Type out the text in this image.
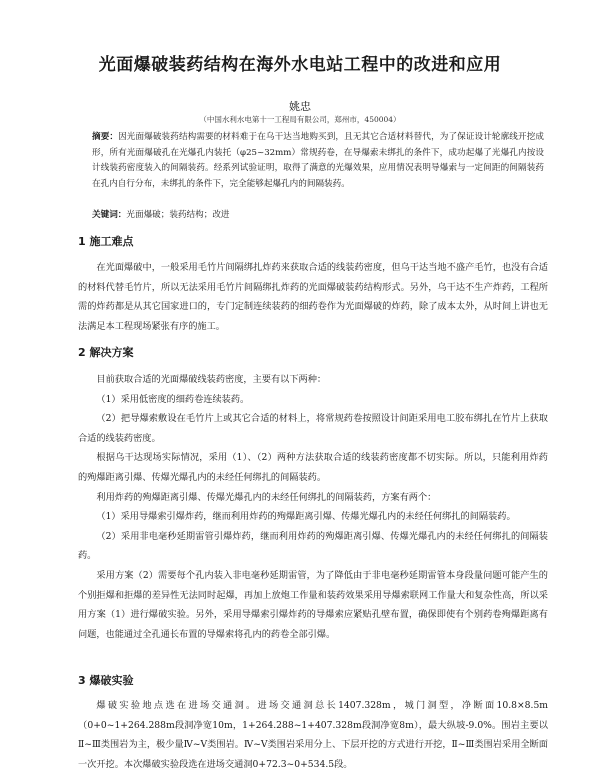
光面爆破装药结构在海外水电站工程中的改进和应用
姚忠
（中国水利水电第十一工程局有限公司，郑州市，450004）
摘要：因光面爆破装药结构需要的材料难于在乌干达当地购买到，且无其它合适材料替代，为了保证设计轮廓线开挖成形，所有光面爆破孔在光爆孔内装托（φ25~32mm）常规药卷，在导爆索未绑扎的条件下，成功起爆了光爆孔内按设计线装药密度装入的间隔装药。经系列试验证明，取得了满意的光爆效果，应用情况表明导爆索与一定间距的间隔装药在孔内自行分布，未绑扎的条件下，完全能够起爆孔内的间隔装药。
关键词：光面爆破；装药结构；改进
1 施工难点

在光面爆破中，一般采用毛竹片间隔绑扎炸药来获取合适的线装药密度，但乌干达当地不盛产毛竹，也没有合适的材料代替毛竹片，所以无法采用毛竹片间隔绑扎炸药的光面爆破装药结构形式。另外，乌干达不生产炸药，工程所需的炸药都是从其它国家进口的，专门定制连续装药的细药卷作为光面爆破的炸药，除了成本太外，从时间上讲也无法满足本工程现场紧张有序的施工。

2 解决方案

目前获取合适的光面爆破线装药密度，主要有以下两种：

（1）采用低密度的细药卷连续装药。

（2）把导爆索敷设在毛竹片上或其它合适的材料上，将常规药卷按照设计间距采用电工胶布绑扎在竹片上获取合适的线装药密度。

根据乌干达现场实际情况，采用（1）、（2）两种方法获取合适的线装药密度都不切实际。所以，只能利用炸药的殉爆距离引爆、传爆光爆孔内的未经任何绑扎的间隔装药。

利用炸药的殉爆距离引爆、传爆光爆孔内的未经任何绑扎的间隔装药，方案有两个：

（1）采用导爆索引爆炸药，继而利用炸药的殉爆距离引爆、传爆光爆孔内的未经任何绑扎的间隔装药。

（2）采用非电毫秒延期雷管引爆炸药，继而利用炸药的殉爆距离引爆、传爆光爆孔内的未经任何绑扎的间隔装药。

采用方案（2）需要每个孔内装入非电毫秒延期雷管，为了降低由于非电毫秒延期雷管本身段量问题可能产生的个别拒爆和拒爆的差异性无法同时起爆，再加上放炮工作量和装药效果采用导爆索联网工作量大和复杂性高，所以采用方案（1）进行爆破实验。另外，采用导爆索引爆炸药的导爆索应紧贴孔壁布置，确保即使有个别药卷殉爆距离有问题，也能通过全孔通长布置的导爆索将孔内的药卷全部引爆。

3 爆破实验

爆破实验地点选在进场交通洞。进场交通洞总长1407.328m，城门洞型，净断面10.8×8.5m（0+0~1+264.288m段洞净宽10m，1+264.288~1+407.328m段洞净宽8m），最大纵坡-9.0%。围岩主要以Ⅱ~Ⅲ类围岩为主，极少量Ⅳ~Ⅴ类围岩。Ⅳ~Ⅴ类围岩采用分上、下层开挖的方式进行开挖，Ⅱ~Ⅲ类围岩采用全断面一次开挖。本次爆破实验段选在进场交通洞0+72.3~0+534.5段。
